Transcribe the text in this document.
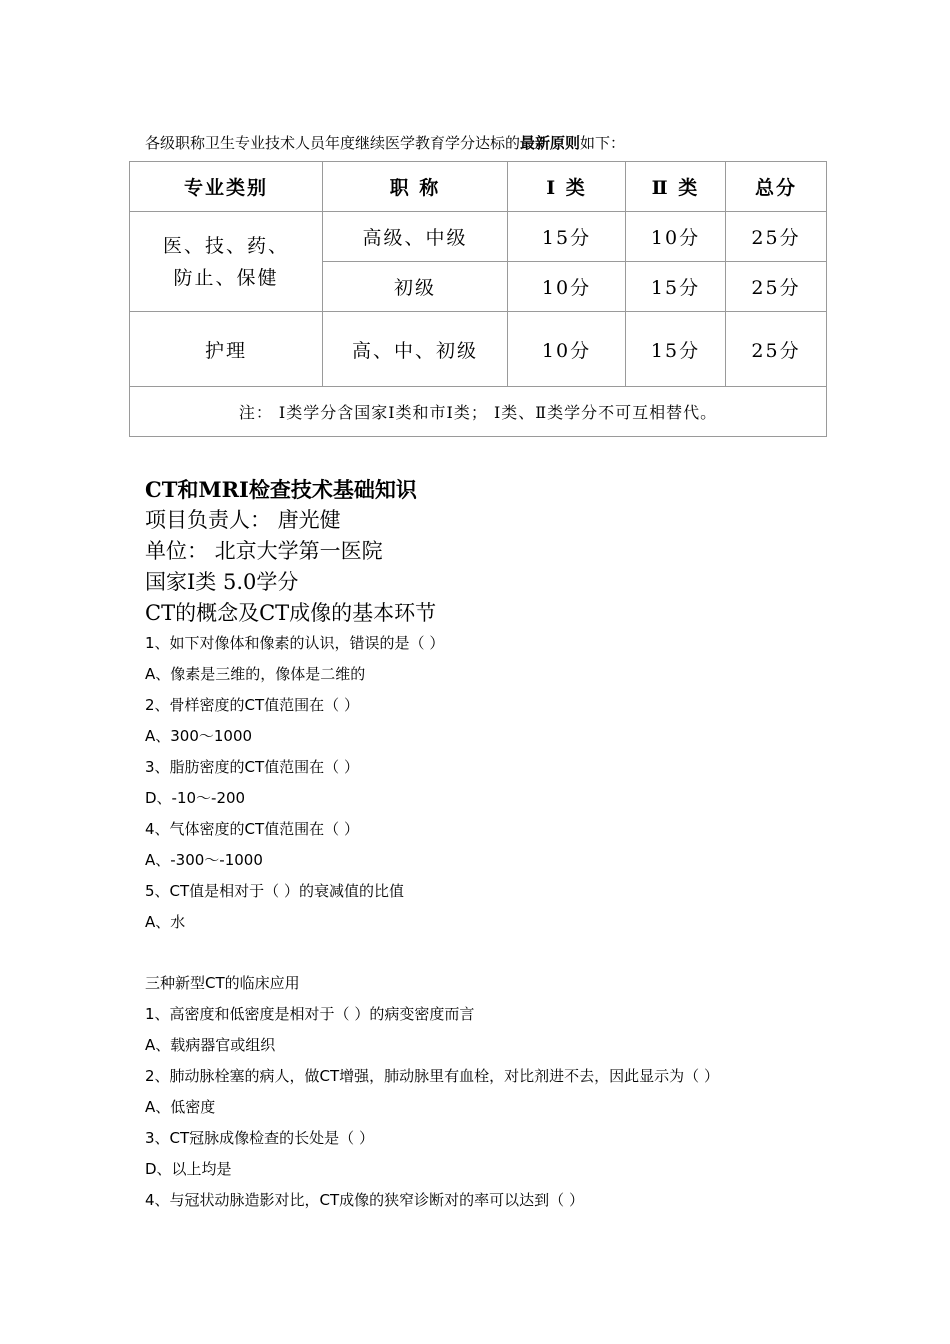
各级职称卫生专业技术人员年度继续医学教育学分达标的最新原则如下：
专业类别	职 称	Ⅰ 类	Ⅱ 类	总分
医、技、药、
防止、保健	高级、中级	15分	10分	25分
	初级	10分	15分	25分
护理	高、中、初级	10分	15分	25分
注： Ⅰ类学分含国家Ⅰ类和市Ⅰ类； Ⅰ类、Ⅱ类学分不可互相替代。				
CT和MRI检查技术基础知识
项目负责人： 唐光健
单位： 北京大学第一医院
国家Ⅰ类 5.0学分
CT的概念及CT成像的基本环节
1、如下对像体和像素的认识，错误的是（ ）
A、像素是三维的，像体是二维的
2、骨样密度的CT值范围在（ ）
A、300～1000
3、脂肪密度的CT值范围在（ ）
D、-10～-200
4、气体密度的CT值范围在（ ）
A、-300～-1000
5、CT值是相对于（ ）的衰减值的比值
A、水
三种新型CT的临床应用
1、高密度和低密度是相对于（ ）的病变密度而言
A、载病器官或组织
2、肺动脉栓塞的病人，做CT增强，肺动脉里有血栓，对比剂进不去，因此显示为（ ）
A、低密度
3、CT冠脉成像检查的长处是（ ）
D、以上均是
4、与冠状动脉造影对比，CT成像的狭窄诊断对的率可以达到（ ）
